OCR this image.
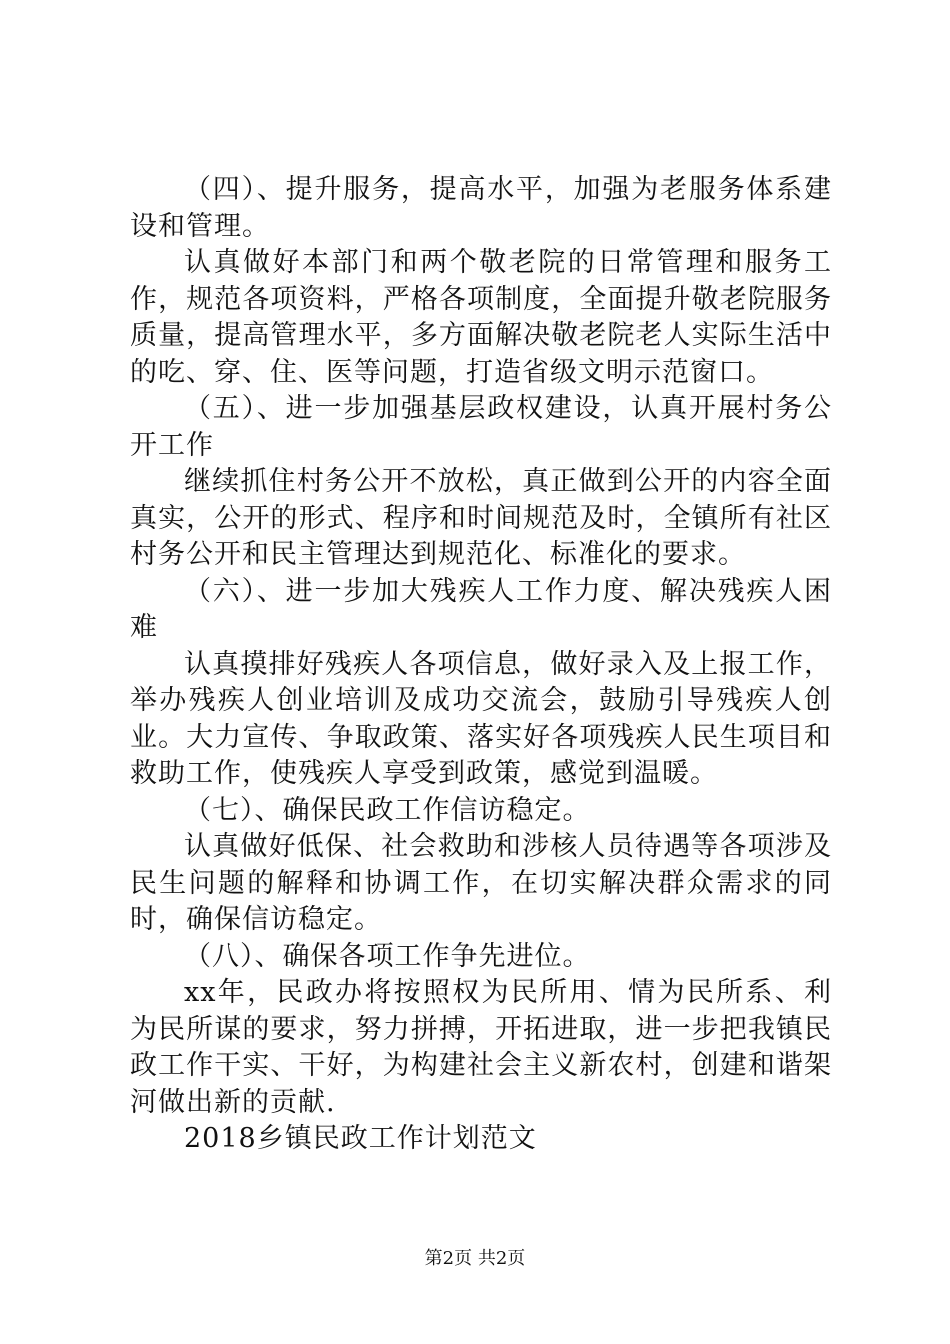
（四）、提升服务，提高水平，加强为老服务体系建设和管理。

认真做好本部门和两个敬老院的日常管理和服务工作，规范各项资料，严格各项制度，全面提升敬老院服务质量，提高管理水平，多方面解决敬老院老人实际生活中的吃、穿、住、医等问题，打造省级文明示范窗口。

（五）、进一步加强基层政权建设，认真开展村务公开工作

继续抓住村务公开不放松，真正做到公开的内容全面真实，公开的形式、程序和时间规范及时，全镇所有社区村务公开和民主管理达到规范化、标准化的要求。

（六）、进一步加大残疾人工作力度、解决残疾人困难

认真摸排好残疾人各项信息，做好录入及上报工作，举办残疾人创业培训及成功交流会，鼓励引导残疾人创业。大力宣传、争取政策、落实好各项残疾人民生项目和救助工作，使残疾人享受到政策，感觉到温暖。

（七）、确保民政工作信访稳定。

认真做好低保、社会救助和涉核人员待遇等各项涉及民生问题的解释和协调工作，在切实解决群众需求的同时，确保信访稳定。

（八）、确保各项工作争先进位。

xx年，民政办将按照权为民所用、情为民所系、利为民所谋的要求，努力拼搏，开拓进取，进一步把我镇民政工作干实、干好，为构建社会主义新农村，创建和谐架河做出新的贡献.

2018乡镇民政工作计划范文

第2页 共2页
